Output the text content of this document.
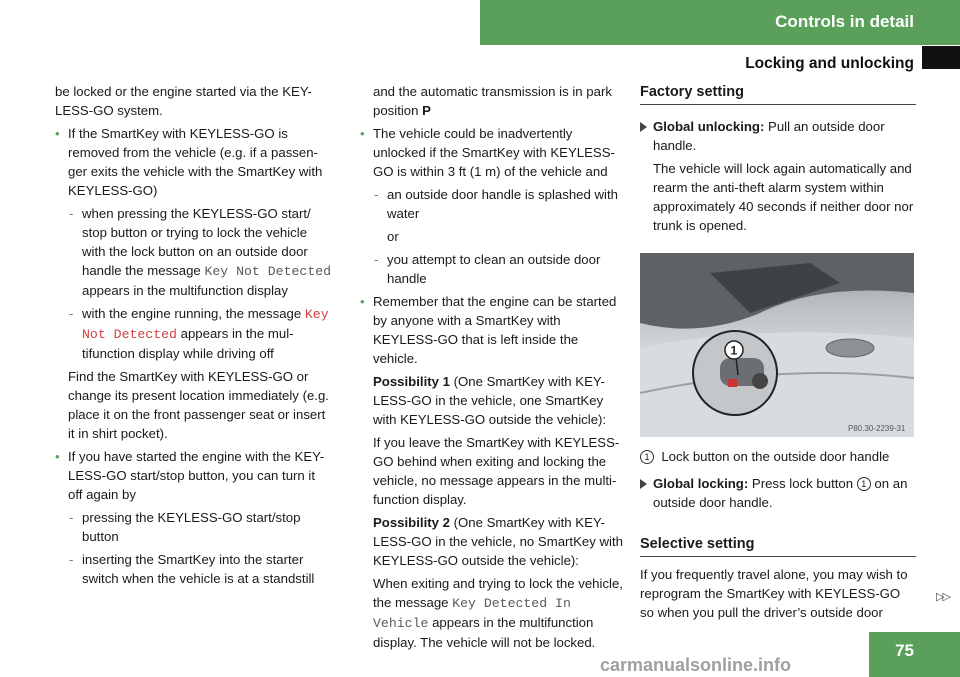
Controls in detail
Locking and unlocking

be locked or the engine started via the KEY-LESS-GO system.

• If the SmartKey with KEYLESS-GO is removed from the vehicle (e.g. if a passen-ger exits the vehicle with the SmartKey with KEYLESS-GO)
- when pressing the KEYLESS-GO start/ stop button or trying to lock the vehicle with the lock button on an outside door handle the message Key Not Detected appears in the multifunction display
- with the engine running, the message Key Not Detected appears in the mul-tifunction display while driving off

Find the SmartKey with KEYLESS-GO or change its present location immediately (e.g. place it on the front passenger seat or insert it in shirt pocket).

• If you have started the engine with the KEY-LESS-GO start/stop button, you can turn it off again by
- pressing the KEYLESS-GO start/stop button
- inserting the SmartKey into the starter switch when the vehicle is at a standstill

and the automatic transmission is in park position P

• The vehicle could be inadvertently unlocked if the SmartKey with KEYLESS-GO is within 3 ft (1 m) of the vehicle and
- an outside door handle is splashed with water

or

- you attempt to clean an outside door handle
• Remember that the engine can be started by anyone with a SmartKey with KEYLESS-GO that is left inside the vehicle.

Possibility 1 (One SmartKey with KEY-LESS-GO in the vehicle, one SmartKey with KEYLESS-GO outside the vehicle):

If you leave the SmartKey with KEYLESS-GO behind when exiting and locking the vehicle, no message appears in the multi-function display.

Possibility 2 (One SmartKey with KEY-LESS-GO in the vehicle, no SmartKey with KEYLESS-GO outside the vehicle):

When exiting and trying to lock the vehicle, the message Key Detected In Vehicle appears in the multifunction display. The vehicle will not be locked.

Factory setting
Global unlocking: Pull an outside door handle.

The vehicle will lock again automatically and rearm the anti-theft alarm system within approximately 40 seconds if neither door nor trunk is opened.

1
P80.30-2239-31

1 Lock button on the outside door handle

Global locking: Press lock button 1 on an outside door handle.
Selective setting

If you frequently travel alone, you may wish to reprogram the SmartKey with KEYLESS-GO so when you pull the driver’s outside door

▷▷
75
carmanualsonline.info
